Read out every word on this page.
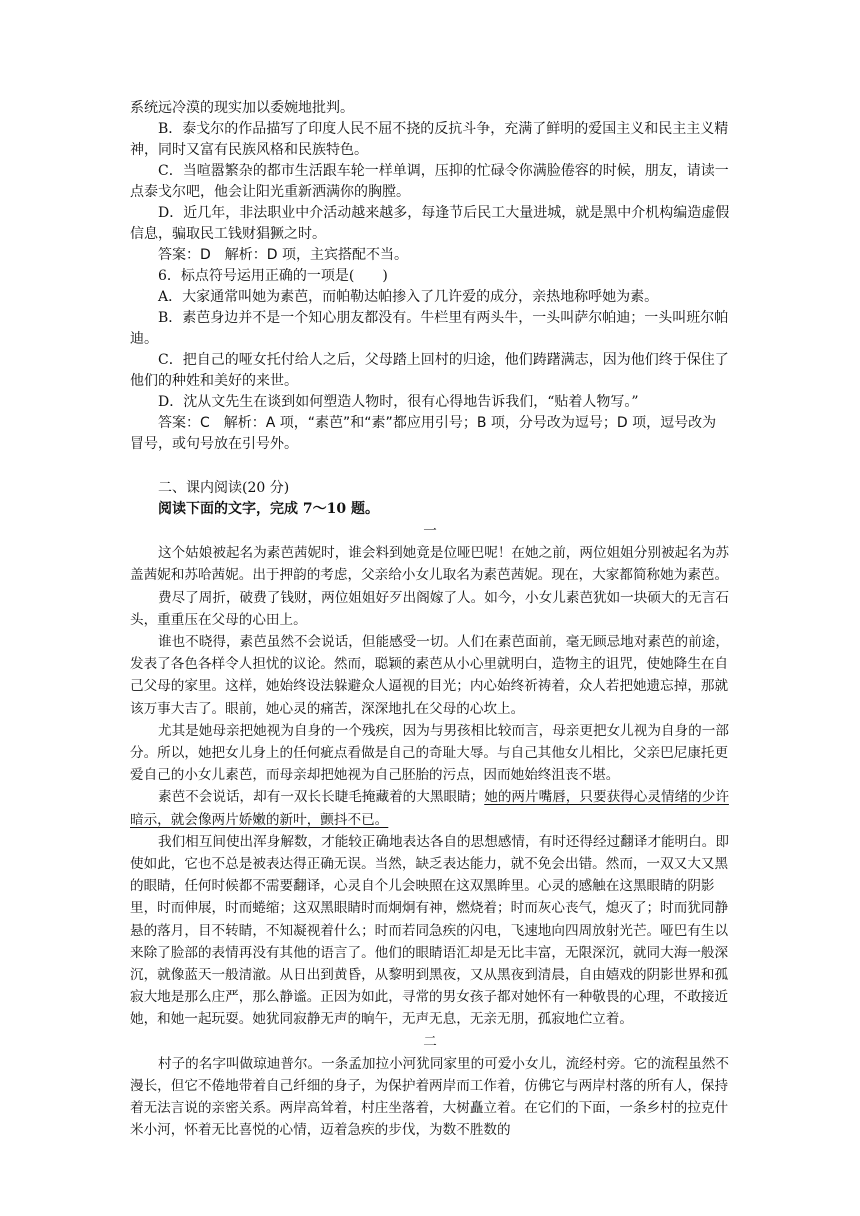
系统远冷漠的现实加以委婉地批判。

B．泰戈尔的作品描写了印度人民不屈不挠的反抗斗争，充满了鲜明的爱国主义和民主主义精神，同时又富有民族风格和民族特色。

C．当喧嚣繁杂的都市生活跟车轮一样单调，压抑的忙碌令你满脸倦容的时候，朋友，请读一点泰戈尔吧，他会让阳光重新洒满你的胸膛。

D．近几年，非法职业中介活动越来越多，每逢节后民工大量进城，就是黑中介机构编造虚假信息，骗取民工钱财猖獗之时。

答案：D　解析：D 项，主宾搭配不当。

6．标点符号运用正确的一项是(　　)

A．大家通常叫她为素芭，而帕勒达帕掺入了几许爱的成分，亲热地称呼她为素。

B．素芭身边并不是一个知心朋友都没有。牛栏里有两头牛，一头叫萨尔帕迪；一头叫班尔帕迪。

C．把自己的哑女托付给人之后，父母踏上回村的归途，他们踌躇满志，因为他们终于保住了他们的种姓和美好的来世。

D．沈从文先生在谈到如何塑造人物时，很有心得地告诉我们，“贴着人物写。”

答案：C　解析：A 项，“素芭”和“素”都应用引号；B 项，分号改为逗号；D 项，逗号改为冒号，或句号放在引号外。

二、课内阅读(20 分)

阅读下面的文字，完成 7～10 题。

一

这个姑娘被起名为素芭茜妮时，谁会料到她竟是位哑巴呢！在她之前，两位姐姐分别被起名为苏盖茜妮和苏哈茜妮。出于押韵的考虑，父亲给小女儿取名为素芭茜妮。现在，大家都简称她为素芭。

费尽了周折，破费了钱财，两位姐姐好歹出阁嫁了人。如今，小女儿素芭犹如一块硕大的无言石头，重重压在父母的心田上。

谁也不晓得，素芭虽然不会说话，但能感受一切。人们在素芭面前，毫无顾忌地对素芭的前途，发表了各色各样令人担忧的议论。然而，聪颖的素芭从小心里就明白，造物主的诅咒，使她降生在自己父母的家里。这样，她始终设法躲避众人逼视的目光；内心始终祈祷着，众人若把她遗忘掉，那就该万事大吉了。眼前，她心灵的痛苦，深深地扎在父母的心坎上。

尤其是她母亲把她视为自身的一个残疾，因为与男孩相比较而言，母亲更把女儿视为自身的一部分。所以，她把女儿身上的任何疵点看做是自己的奇耻大辱。与自己其他女儿相比，父亲巴尼康托更爱自己的小女儿素芭，而母亲却把她视为自己胚胎的污点，因而她始终沮丧不堪。

素芭不会说话，却有一双长长睫毛掩藏着的大黑眼睛；她的两片嘴唇，只要获得心灵情绪的少许暗示，就会像两片娇嫩的新叶，颤抖不已。

我们相互间使出浑身解数，才能较正确地表达各自的思想感情，有时还得经过翻译才能明白。即使如此，它也不总是被表达得正确无误。当然，缺乏表达能力，就不免会出错。然而，一双又大又黑的眼睛，任何时候都不需要翻译，心灵自个儿会映照在这双黑眸里。心灵的感触在这黑眼睛的阴影里，时而伸展，时而蜷缩；这双黑眼睛时而炯炯有神，燃烧着；时而灰心丧气，熄灭了；时而犹同静悬的落月，目不转睛，不知凝视着什么；时而若同急疾的闪电，飞速地向四周放射光芒。哑巴有生以来除了脸部的表情再没有其他的语言了。他们的眼睛语汇却是无比丰富，无限深沉，就同大海一般深沉，就像蓝天一般清澈。从日出到黄昏，从黎明到黑夜，又从黑夜到清晨，自由嬉戏的阴影世界和孤寂大地是那么庄严，那么静谧。正因为如此，寻常的男女孩子都对她怀有一种敬畏的心理，不敢接近她，和她一起玩耍。她犹同寂静无声的晌午，无声无息，无亲无朋，孤寂地伫立着。

二

村子的名字叫做琼迪普尔。一条孟加拉小河犹同家里的可爱小女儿，流经村旁。它的流程虽然不漫长，但它不倦地带着自己纤细的身子，为保护着两岸而工作着，仿佛它与两岸村落的所有人，保持着无法言说的亲密关系。两岸高耸着，村庄坐落着，大树矗立着。在它们的下面，一条乡村的拉克什米小河，怀着无比喜悦的心情，迈着急疾的步伐，为数不胜数的
